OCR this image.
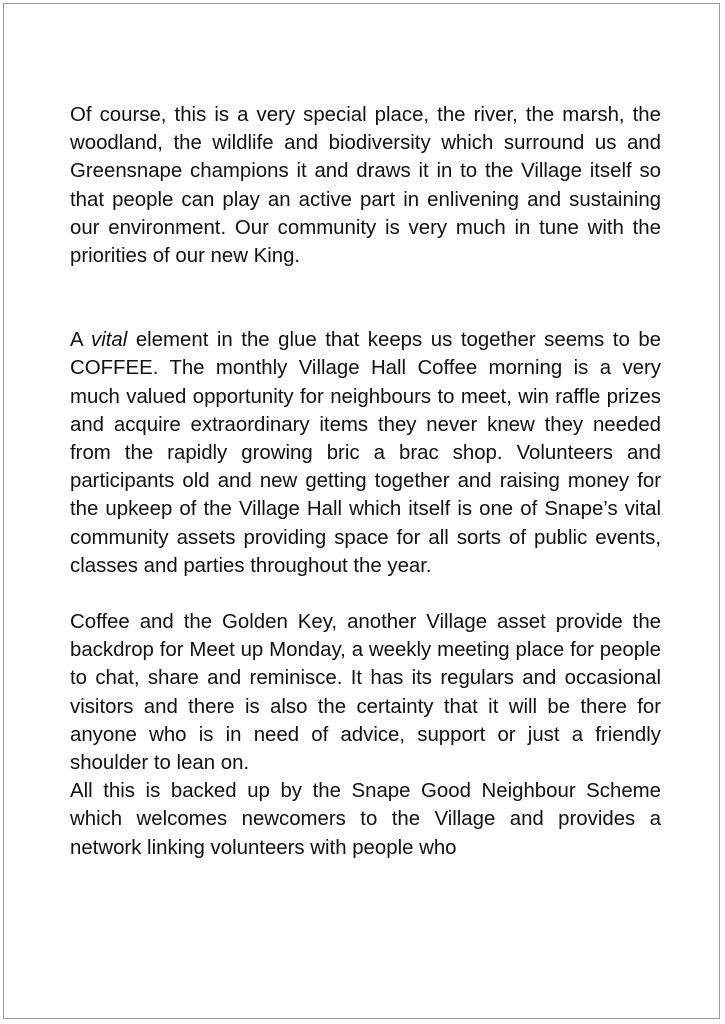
Of course, this is a very special place, the river, the marsh, the woodland, the wildlife and biodiversity which surround us and Greensnape champions it and draws it in to the Village itself so that people can play an active part in enlivening and sustaining our environment. Our community is very much in tune with the priorities of our new King.

A vital element in the glue that keeps us together seems to be COFFEE. The monthly Village Hall Coffee morning is a very much valued opportunity for neighbours to meet, win raffle prizes and acquire extraordinary items they never knew they needed from the rapidly growing bric a brac shop. Volunteers and participants old and new getting together and raising money for the upkeep of the Village Hall which itself is one of Snape’s vital community assets providing space for all sorts of public events, classes and parties throughout the year.

Coffee and the Golden Key, another Village asset provide the backdrop for Meet up Monday, a weekly meeting place for people to chat, share and reminisce. It has its regulars and occasional visitors and there is also the certainty that it will be there for anyone who is in need of advice, support or just a friendly shoulder to lean on.

All this is backed up by the Snape Good Neighbour Scheme which welcomes newcomers to the Village and provides a network linking volunteers with people who
